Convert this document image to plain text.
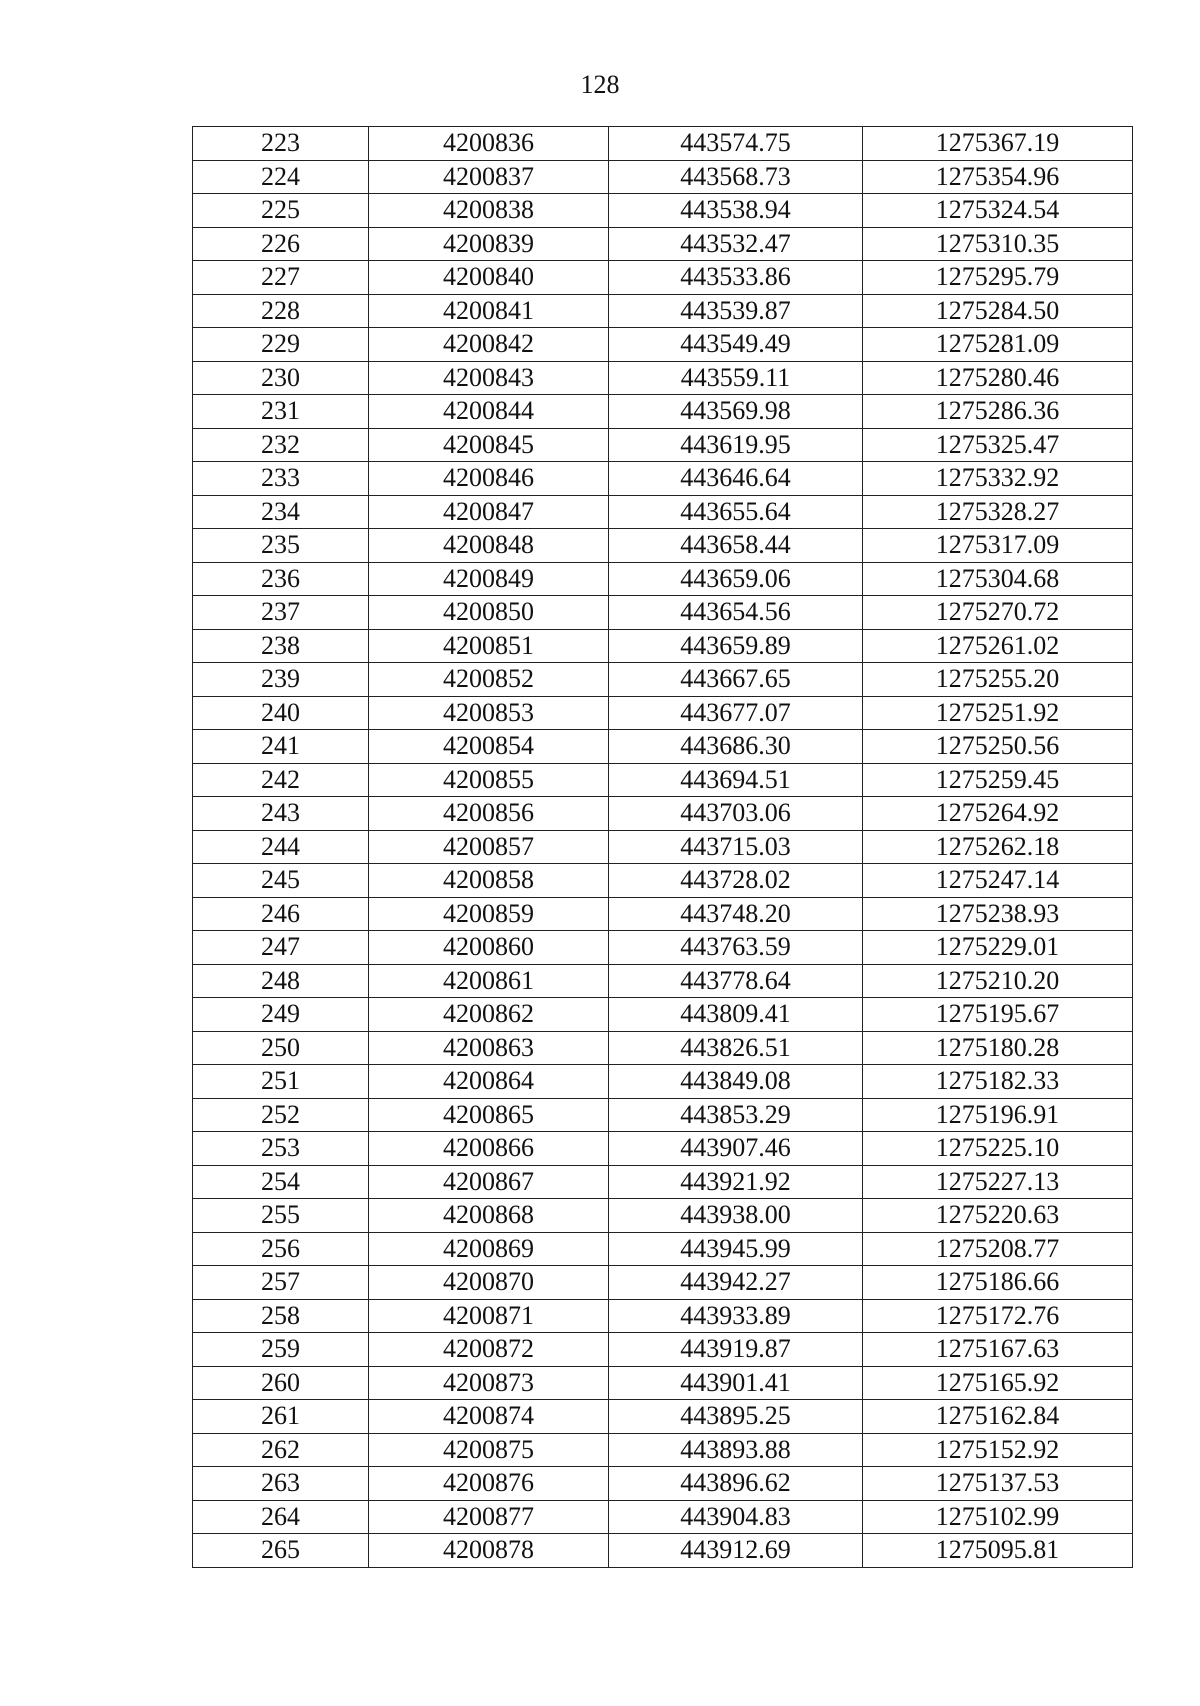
128
223	4200836	443574.75	1275367.19
224	4200837	443568.73	1275354.96
225	4200838	443538.94	1275324.54
226	4200839	443532.47	1275310.35
227	4200840	443533.86	1275295.79
228	4200841	443539.87	1275284.50
229	4200842	443549.49	1275281.09
230	4200843	443559.11	1275280.46
231	4200844	443569.98	1275286.36
232	4200845	443619.95	1275325.47
233	4200846	443646.64	1275332.92
234	4200847	443655.64	1275328.27
235	4200848	443658.44	1275317.09
236	4200849	443659.06	1275304.68
237	4200850	443654.56	1275270.72
238	4200851	443659.89	1275261.02
239	4200852	443667.65	1275255.20
240	4200853	443677.07	1275251.92
241	4200854	443686.30	1275250.56
242	4200855	443694.51	1275259.45
243	4200856	443703.06	1275264.92
244	4200857	443715.03	1275262.18
245	4200858	443728.02	1275247.14
246	4200859	443748.20	1275238.93
247	4200860	443763.59	1275229.01
248	4200861	443778.64	1275210.20
249	4200862	443809.41	1275195.67
250	4200863	443826.51	1275180.28
251	4200864	443849.08	1275182.33
252	4200865	443853.29	1275196.91
253	4200866	443907.46	1275225.10
254	4200867	443921.92	1275227.13
255	4200868	443938.00	1275220.63
256	4200869	443945.99	1275208.77
257	4200870	443942.27	1275186.66
258	4200871	443933.89	1275172.76
259	4200872	443919.87	1275167.63
260	4200873	443901.41	1275165.92
261	4200874	443895.25	1275162.84
262	4200875	443893.88	1275152.92
263	4200876	443896.62	1275137.53
264	4200877	443904.83	1275102.99
265	4200878	443912.69	1275095.81
